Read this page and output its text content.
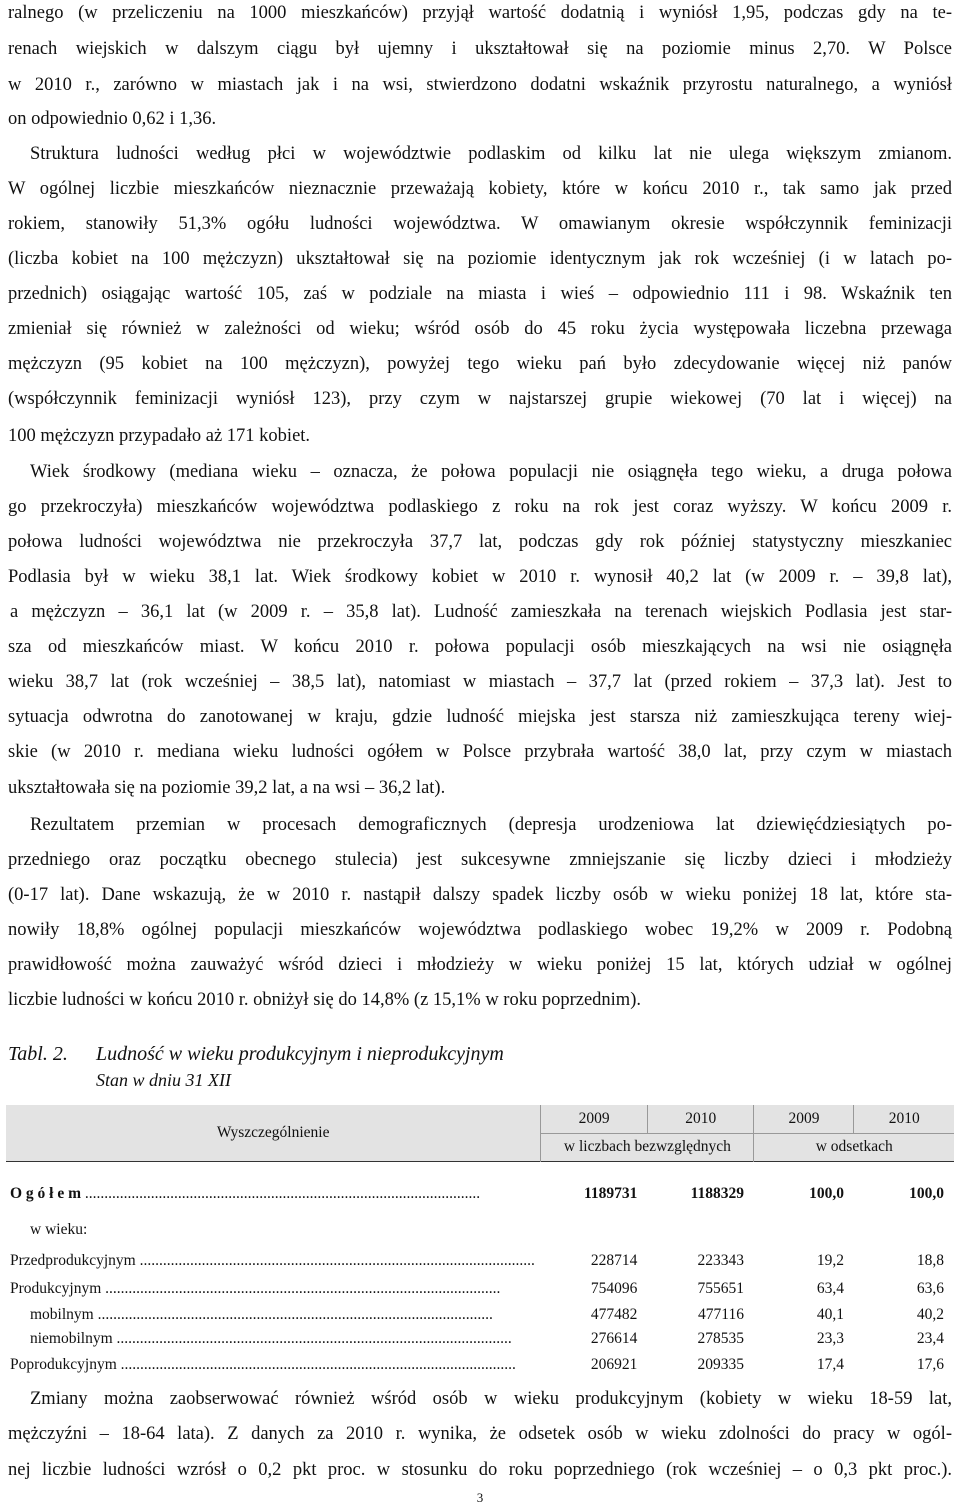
ralnego (w przeliczeniu na 1000 mieszkańców) przyjął wartość dodatnią i wyniósł 1,95, podczas gdy na te-
renach wiejskich w dalszym ciągu był ujemny i ukształtował się na poziomie minus 2,70. W Polsce
w 2010 r., zarówno w miastach jak i na wsi, stwierdzono dodatni wskaźnik przyrostu naturalnego, a wyniósł
on odpowiednio 0,62 i 1,36.
Struktura ludności według płci w województwie podlaskim od kilku lat nie ulega większym zmianom.
W ogólnej liczbie mieszkańców nieznacznie przeważają kobiety, które w końcu 2010 r., tak samo jak przed
rokiem, stanowiły 51,3% ogółu ludności województwa. W omawianym okresie współczynnik feminizacji
(liczba kobiet na 100 mężczyzn) ukształtował się na poziomie identycznym jak rok wcześniej (i w latach po-
przednich) osiągając wartość 105, zaś w podziale na miasta i wieś – odpowiednio 111 i 98. Wskaźnik ten
zmieniał się również w zależności od wieku; wśród osób do 45 roku życia występowała liczebna przewaga
mężczyzn (95 kobiet na 100 mężczyzn), powyżej tego wieku pań było zdecydowanie więcej niż panów
(współczynnik feminizacji wyniósł 123), przy czym w najstarszej grupie wiekowej (70 lat i więcej) na
100 mężczyzn przypadało aż 171 kobiet.
Wiek środkowy (mediana wieku – oznacza, że połowa populacji nie osiągnęła tego wieku, a druga połowa
go przekroczyła) mieszkańców województwa podlaskiego z roku na rok jest coraz wyższy. W końcu 2009 r.
połowa ludności województwa nie przekroczyła 37,7 lat, podczas gdy rok później statystyczny mieszkaniec
Podlasia był w wieku 38,1 lat. Wiek środkowy kobiet w 2010 r. wynosił 40,2 lat (w 2009 r. – 39,8 lat),
a mężczyzn – 36,1 lat (w 2009 r. – 35,8 lat). Ludność zamieszkała na terenach wiejskich Podlasia jest star-
sza od mieszkańców miast. W końcu 2010 r. połowa populacji osób mieszkających na wsi nie osiągnęła
wieku 38,7 lat (rok wcześniej – 38,5 lat), natomiast w miastach – 37,7 lat (przed rokiem – 37,3 lat). Jest to
sytuacja odwrotna do zanotowanej w kraju, gdzie ludność miejska jest starsza niż zamieszkująca tereny wiej-
skie (w 2010 r. mediana wieku ludności ogółem w Polsce przybrała wartość 38,0 lat, przy czym w miastach
ukształtowała się na poziomie 39,2 lat, a na wsi – 36,2 lat).
Rezultatem przemian w procesach demograficznych (depresja urodzeniowa lat dziewięćdziesiątych po-
przedniego oraz początku obecnego stulecia) jest sukcesywne zmniejszanie się liczby dzieci i młodzieży
(0-17 lat). Dane wskazują, że w 2010 r. nastąpił dalszy spadek liczby osób w wieku poniżej 18 lat, które sta-
nowiły 18,8% ogólnej populacji mieszkańców województwa podlaskiego wobec 19,2% w 2009 r. Podobną
prawidłowość można zauważyć wśród dzieci i młodzieży w wieku poniżej 15 lat, których udział w ogólnej
liczbie ludności w końcu 2010 r. obniżył się do 14,8% (z 15,1% w roku poprzednim).
Tabl. 2. Ludność w wieku produkcyjnym i nieprodukcyjnym
Stan w dniu 31 XII
Wyszczególnienie	2009	2010	2009	2010
	w liczbach bezwzględnych		w odsetkach	

O g ó ł e m .....	1189731	1188329	100,0	100,0
w wieku:				
Przedprodukcyjnym .....	228714	223343	19,2	18,8
Produkcyjnym .....	754096	755651	63,4	63,6
mobilnym .....	477482	477116	40,1	40,2
niemobilnym .....	276614	278535	23,3	23,4
Poprodukcyjnym .....	206921	209335	17,4	17,6
Zmiany można zaobserwować również wśród osób w wieku produkcyjnym (kobiety w wieku 18-59 lat,
mężczyźni – 18-64 lata). Z danych za 2010 r. wynika, że odsetek osób w wieku zdolności do pracy w ogól-
nej liczbie ludności wzrósł o 0,2 pkt proc. w stosunku do roku poprzedniego (rok wcześniej – o 0,3 pkt proc.).
3
